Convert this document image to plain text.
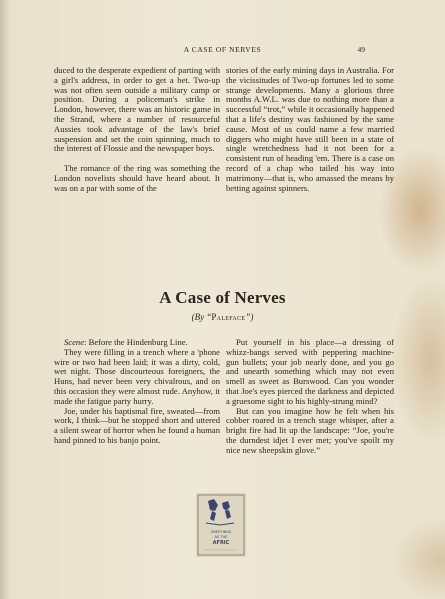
A CASE OF NERVES	49

duced to the desperate expedient of parting with a girl's address, in order to get a bet. Two-up was not often seen outside a military camp or position. During a policeman's strike in London, however, there was an historic game in the Strand, where a number of resourceful Aussies took advantage of the law's brief suspension and set the coin spinning, much to the interest of Flossie and the newspaper boys.

The romance of the ring was something the London novelists should have heard about. It was on a par with some of the

stories of the early mining days in Australia. For the vicissitudes of Two-up fortunes led to some strange developments. Many a glorious three months A.W.L. was due to nothing more than a successful “trot,” while it occasionally happened that a life's destiny was fashioned by the same cause. Most of us could name a few married diggers who might have still been in a state of single wretchedness had it not been for a consistent run of heading 'em. There is a case on record of a chap who tailed his way into matrimony—that is, who amassed the means by betting against spinners.

A Case of Nerves
(By “Paleface”)

Scene: Before the Hindenburg Line.

They were filling in a trench where a 'phone wire or two had been laid; it was a dirty, cold, wet night. Those discourteous foreigners, the Huns, had never been very chivalrous, and on this occasion they were almost rude. Anyhow, it made the fatigue party hurry.

Joe, under his baptismal fire, sweated—from work, I think—but he stopped short and uttered a silent swear of horror when he found a human hand pinned to his banjo point.

Put yourself in his place—a dressing of whizz-bangs served with peppering machine-gun bullets; your job nearly done, and you go and unearth something which may not even smell as sweet as Burswood. Can you wonder that Joe's eyes pierced the darkness and depicted a gruesome sight to his highly-strung mind?

But can you imagine how he felt when his cobber roared in a trench stage whisper, after a bright fire had lit up the landscape: “Joe, you're the durndest idjet I ever met; you've spoilt my nice new sheepskin glove.”

GREETINGS
AS THE
AFRIC
